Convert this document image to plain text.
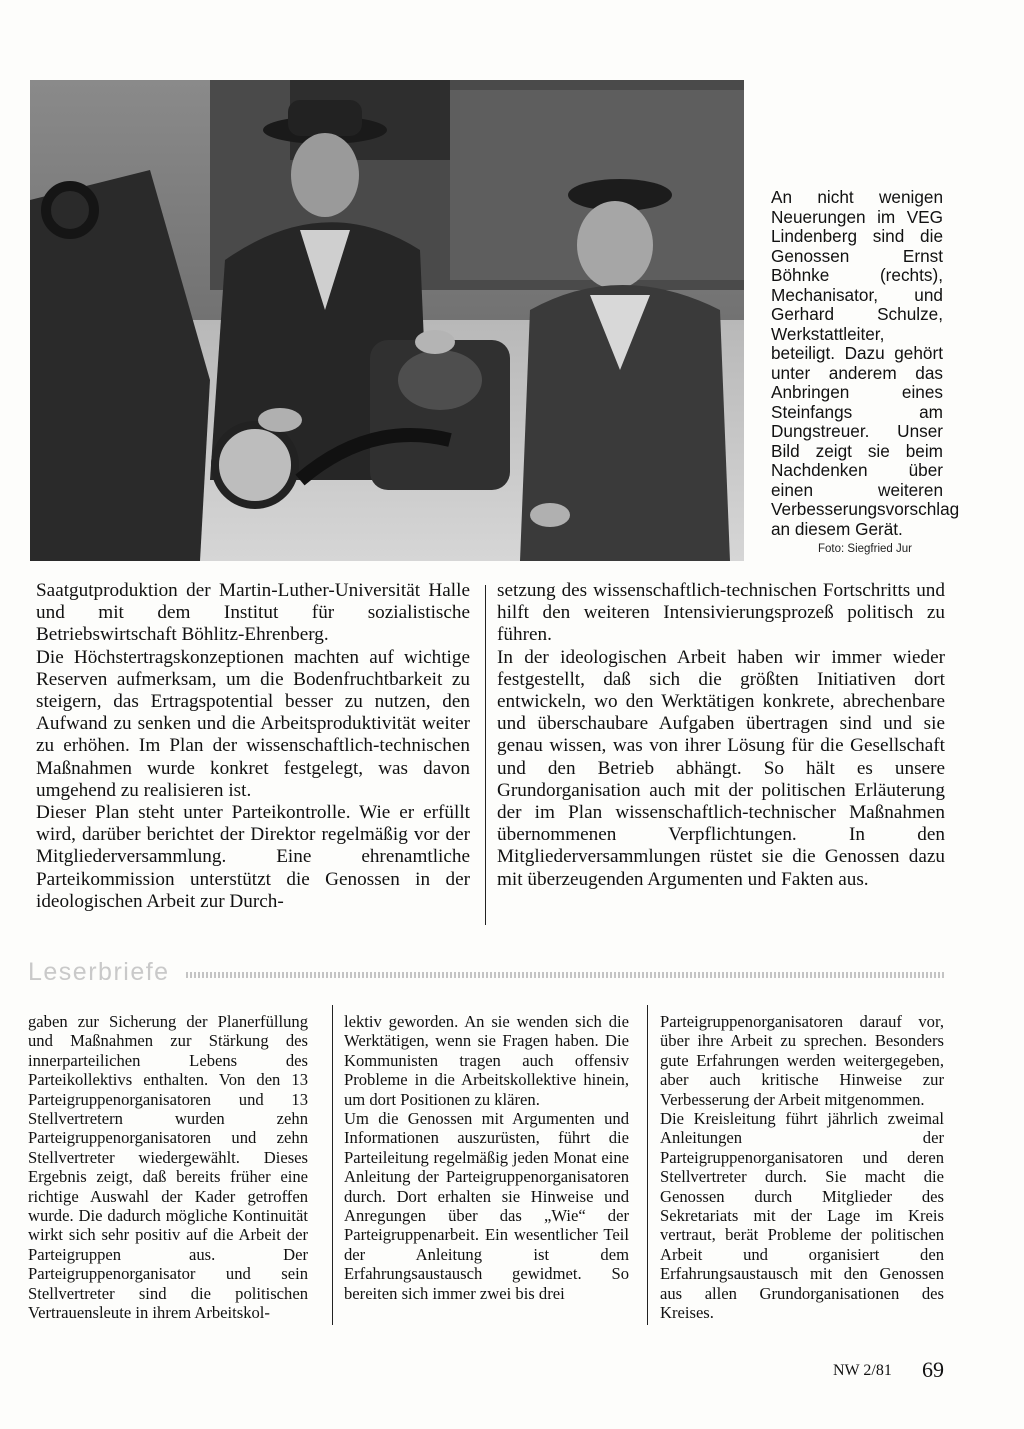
An nicht wenigen Neuerungen im VEG Lindenberg sind die Genossen Ernst Böhnke (rechts), Mechanisator, und Gerhard Schulze, Werkstattleiter, beteiligt. Dazu gehört unter anderem das Anbringen eines Steinfangs am Dungstreuer. Unser Bild zeigt sie beim Nachdenken über einen weiteren Verbesserungsvorschlag an diesem Gerät.
Foto: Siegfried Jur

Saatgutproduktion der Martin-Luther-Universität Halle und mit dem Institut für sozialistische Betriebswirtschaft Böhlitz-Ehrenberg.

Die Höchstertragskonzeptionen machten auf wichtige Reserven aufmerksam, um die Bodenfruchtbarkeit zu steigern, das Ertragspotential besser zu nutzen, den Aufwand zu senken und die Arbeitsproduktivität weiter zu erhöhen. Im Plan der wissenschaftlich-technischen Maßnahmen wurde konkret festgelegt, was davon umgehend zu realisieren ist.

Dieser Plan steht unter Parteikontrolle. Wie er erfüllt wird, darüber berichtet der Direktor regelmäßig vor der Mitgliederversammlung. Eine ehrenamtliche Parteikommission unterstützt die Genossen in der ideologischen Arbeit zur Durch-

setzung des wissenschaftlich-technischen Fortschritts und hilft den weiteren Intensivierungsprozeß politisch zu führen.

In der ideologischen Arbeit haben wir immer wieder festgestellt, daß sich die größten Initiativen dort entwickeln, wo den Werktätigen konkrete, abrechenbare und überschaubare Aufgaben übertragen sind und sie genau wissen, was von ihrer Lösung für die Gesellschaft und den Betrieb abhängt. So hält es unsere Grundorganisation auch mit der politischen Erläuterung der im Plan wissenschaftlich-technischer Maßnahmen übernommenen Verpflichtungen. In den Mitgliederversammlungen rüstet sie die Genossen dazu mit überzeugenden Argumenten und Fakten aus.

Leserbriefe

gaben zur Sicherung der Planerfüllung und Maßnahmen zur Stärkung des innerparteilichen Lebens des Parteikollektivs enthalten. Von den 13 Parteigruppenorganisatoren und 13 Stellvertretern wurden zehn Parteigruppenorganisatoren und zehn Stellvertreter wiedergewählt. Dieses Ergebnis zeigt, daß bereits früher eine richtige Auswahl der Kader getroffen wurde. Die dadurch mögliche Kontinuität wirkt sich sehr positiv auf die Arbeit der Parteigruppen aus. Der Parteigruppenorganisator und sein Stellvertreter sind die politischen Vertrauensleute in ihrem Arbeitskol-

lektiv geworden. An sie wenden sich die Werktätigen, wenn sie Fragen haben. Die Kommunisten tragen auch offensiv Probleme in die Arbeitskollektive hinein, um dort Positionen zu klären.

Um die Genossen mit Argumenten und Informationen auszurüsten, führt die Parteileitung regelmäßig jeden Monat eine Anleitung der Parteigruppenorganisatoren durch. Dort erhalten sie Hinweise und Anregungen über das „Wie“ der Parteigruppenarbeit. Ein wesentlicher Teil der Anleitung ist dem Erfahrungsaustausch gewidmet. So bereiten sich immer zwei bis drei

Parteigruppenorganisatoren darauf vor, über ihre Arbeit zu sprechen. Besonders gute Erfahrungen werden weitergegeben, aber auch kritische Hinweise zur Verbesserung der Arbeit mitgenommen.

Die Kreisleitung führt jährlich zweimal Anleitungen der Parteigruppenorganisatoren und deren Stellvertreter durch. Sie macht die Genossen durch Mitglieder des Sekretariats mit der Lage im Kreis vertraut, berät Probleme der politischen Arbeit und organisiert den Erfahrungsaustausch mit den Genossen aus allen Grundorganisationen des Kreises.

NW 2/81 69
